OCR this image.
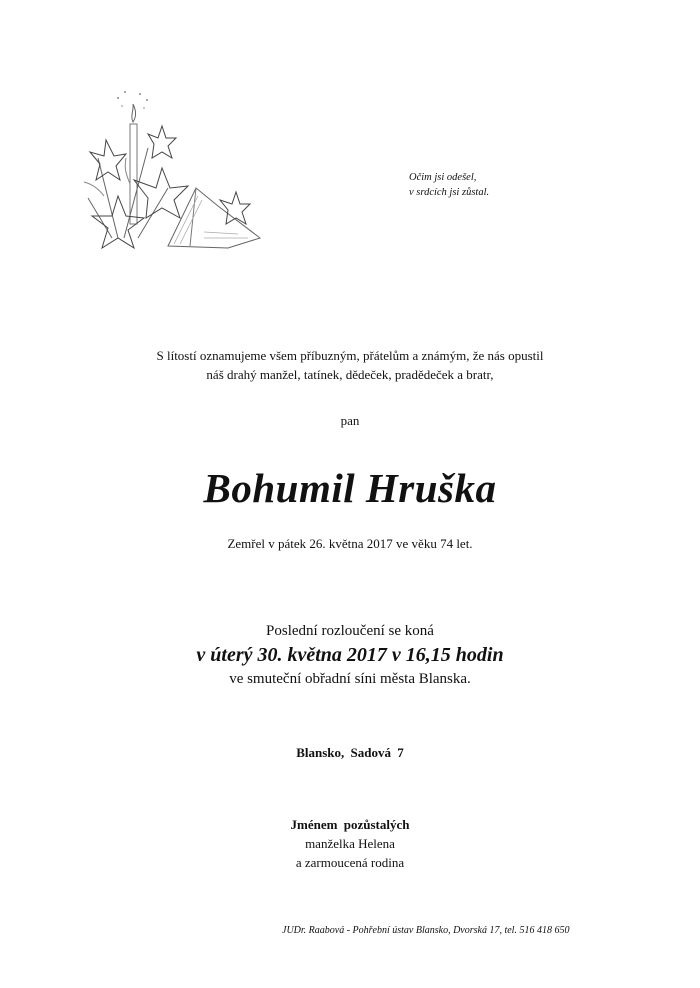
Očim jsi odešel,
v srdcích jsi zůstal.
S lítostí oznamujeme všem příbuzným, přátelům a známým, že nás opustil
náš drahý manžel, tatínek, dědeček, pradědeček a bratr,
pan
Bohumil Hruška
Zemřel v pátek 26. května 2017 ve věku 74 let.
Poslední rozloučení se koná
v úterý 30. května 2017 v 16,15 hodin
ve smuteční obřadní síni města Blanska.
Blansko, Sadová 7
Jménem pozůstalých
manželka Helena
a zarmoucená rodina
JUDr. Raabová - Pohřební ústav Blansko, Dvorská 17, tel. 516 418 650
